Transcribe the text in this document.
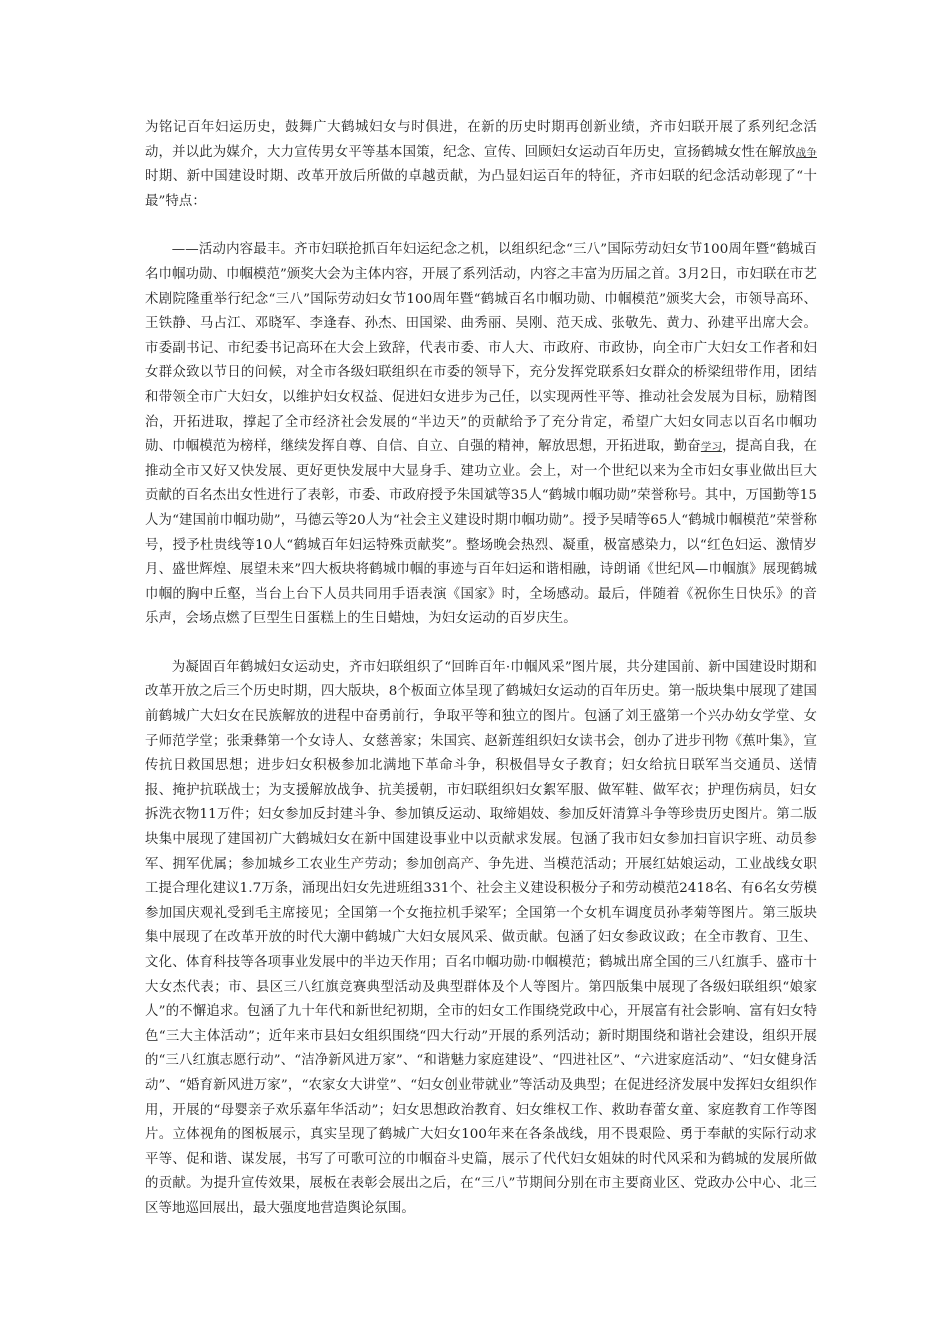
为铭记百年妇运历史，鼓舞广大鹤城妇女与时俱进，在新的历史时期再创新业绩，齐市妇联开展了系列纪念活动，并以此为媒介，大力宣传男女平等基本国策，纪念、宣传、回顾妇女运动百年历史，宣扬鹤城女性在解放战争时期、新中国建设时期、改革开放后所做的卓越贡献，为凸显妇运百年的特征，齐市妇联的纪念活动彰现了“十最”特点：

——活动内容最丰。齐市妇联抢抓百年妇运纪念之机，以组织纪念“三八”国际劳动妇女节100周年暨“鹤城百名巾帼功勋、巾帼模范”颁奖大会为主体内容，开展了系列活动，内容之丰富为历届之首。3月2日，市妇联在市艺术剧院隆重举行纪念“三八”国际劳动妇女节100周年暨“鹤城百名巾帼功勋、巾帼模范”颁奖大会，市领导高环、王铁静、马占江、邓晓军、李逢春、孙杰、田国梁、曲秀丽、吴刚、范天成、张敬先、黄力、孙建平出席大会。市委副书记、市纪委书记高环在大会上致辞，代表市委、市人大、市政府、市政协，向全市广大妇女工作者和妇女群众致以节日的问候，对全市各级妇联组织在市委的领导下，充分发挥党联系妇女群众的桥梁纽带作用，团结和带领全市广大妇女，以维护妇女权益、促进妇女进步为己任，以实现两性平等、推动社会发展为目标，励精图治，开拓进取，撑起了全市经济社会发展的“半边天”的贡献给予了充分肯定，希望广大妇女同志以百名巾帼功勋、巾帼模范为榜样，继续发挥自尊、自信、自立、自强的精神，解放思想，开拓进取，勤奋学习，提高自我，在推动全市又好又快发展、更好更快发展中大显身手、建功立业。会上，对一个世纪以来为全市妇女事业做出巨大贡献的百名杰出女性进行了表彰，市委、市政府授予朱国斌等35人“鹤城巾帼功勋”荣誉称号。其中，万国勤等15人为“建国前巾帼功勋”，马德云等20人为“社会主义建设时期巾帼功勋”。授予吴晴等65人“鹤城巾帼模范”荣誉称号，授予杜贵线等10人“鹤城百年妇运特殊贡献奖”。整场晚会热烈、凝重，极富感染力，以“红色妇运、激情岁月、盛世辉煌、展望未来”四大板块将鹤城巾帼的事迹与百年妇运和谐相融，诗朗诵《世纪风—巾帼旗》展现鹤城巾帼的胸中丘壑，当台上台下人员共同用手语表演《国家》时，全场感动。最后，伴随着《祝你生日快乐》的音乐声，会场点燃了巨型生日蛋糕上的生日蜡烛，为妇女运动的百岁庆生。

为凝固百年鹤城妇女运动史，齐市妇联组织了“回眸百年·巾帼风采”图片展，共分建国前、新中国建设时期和改革开放之后三个历史时期，四大版块，8个板面立体呈现了鹤城妇女运动的百年历史。第一版块集中展现了建国前鹤城广大妇女在民族解放的进程中奋勇前行，争取平等和独立的图片。包涵了刘王盛第一个兴办幼女学堂、女子师范学堂；张秉彝第一个女诗人、女慈善家；朱国宾、赵新莲组织妇女读书会，创办了进步刊物《蕉叶集》，宣传抗日救国思想；进步妇女积极参加北满地下革命斗争，积极倡导女子教育；妇女给抗日联军当交通员、送情报、掩护抗联战士；为支援解放战争、抗美援朝，市妇联组织妇女絮军服、做军鞋、做军衣；护理伤病员，妇女拆洗衣物11万件；妇女参加反封建斗争、参加镇反运动、取缔娼妓、参加反奸清算斗争等珍贵历史图片。第二版块集中展现了建国初广大鹤城妇女在新中国建设事业中以贡献求发展。包涵了我市妇女参加扫盲识字班、动员参军、拥军优属；参加城乡工农业生产劳动；参加创高产、争先进、当模范活动；开展红姑娘运动，工业战线女职工提合理化建议1.7万条，涌现出妇女先进班组331个、社会主义建设积极分子和劳动模范2418名、有6名女劳模参加国庆观礼受到毛主席接见；全国第一个女拖拉机手梁军；全国第一个女机车调度员孙孝菊等图片。第三版块集中展现了在改革开放的时代大潮中鹤城广大妇女展风采、做贡献。包涵了妇女参政议政；在全市教育、卫生、文化、体育科技等各项事业发展中的半边天作用；百名巾帼功勋·巾帼模范；鹤城出席全国的三八红旗手、盛市十大女杰代表；市、县区三八红旗竞赛典型活动及典型群体及个人等图片。第四版集中展现了各级妇联组织“娘家人”的不懈追求。包涵了九十年代和新世纪初期，全市的妇女工作围绕党政中心，开展富有社会影响、富有妇女特色“三大主体活动”；近年来市县妇女组织围绕“四大行动”开展的系列活动；新时期围绕和谐社会建设，组织开展的“三八红旗志愿行动”、“洁净新风进万家”、“和谐魅力家庭建设”、“四进社区”、“六进家庭活动”、“妇女健身活动”、“婚育新风进万家”，“农家女大讲堂”、“妇女创业带就业”等活动及典型；在促进经济发展中发挥妇女组织作用，开展的“母婴亲子欢乐嘉年华活动”；妇女思想政治教育、妇女维权工作、救助春蕾女童、家庭教育工作等图片。立体视角的图板展示，真实呈现了鹤城广大妇女100年来在各条战线，用不畏艰险、勇于奉献的实际行动求平等、促和谐、谋发展，书写了可歌可泣的巾帼奋斗史篇，展示了代代妇女姐妹的时代风采和为鹤城的发展所做的贡献。为提升宣传效果，展板在表彰会展出之后，在“三八”节期间分别在市主要商业区、党政办公中心、北三区等地巡回展出，最大强度地营造舆论氛围。
